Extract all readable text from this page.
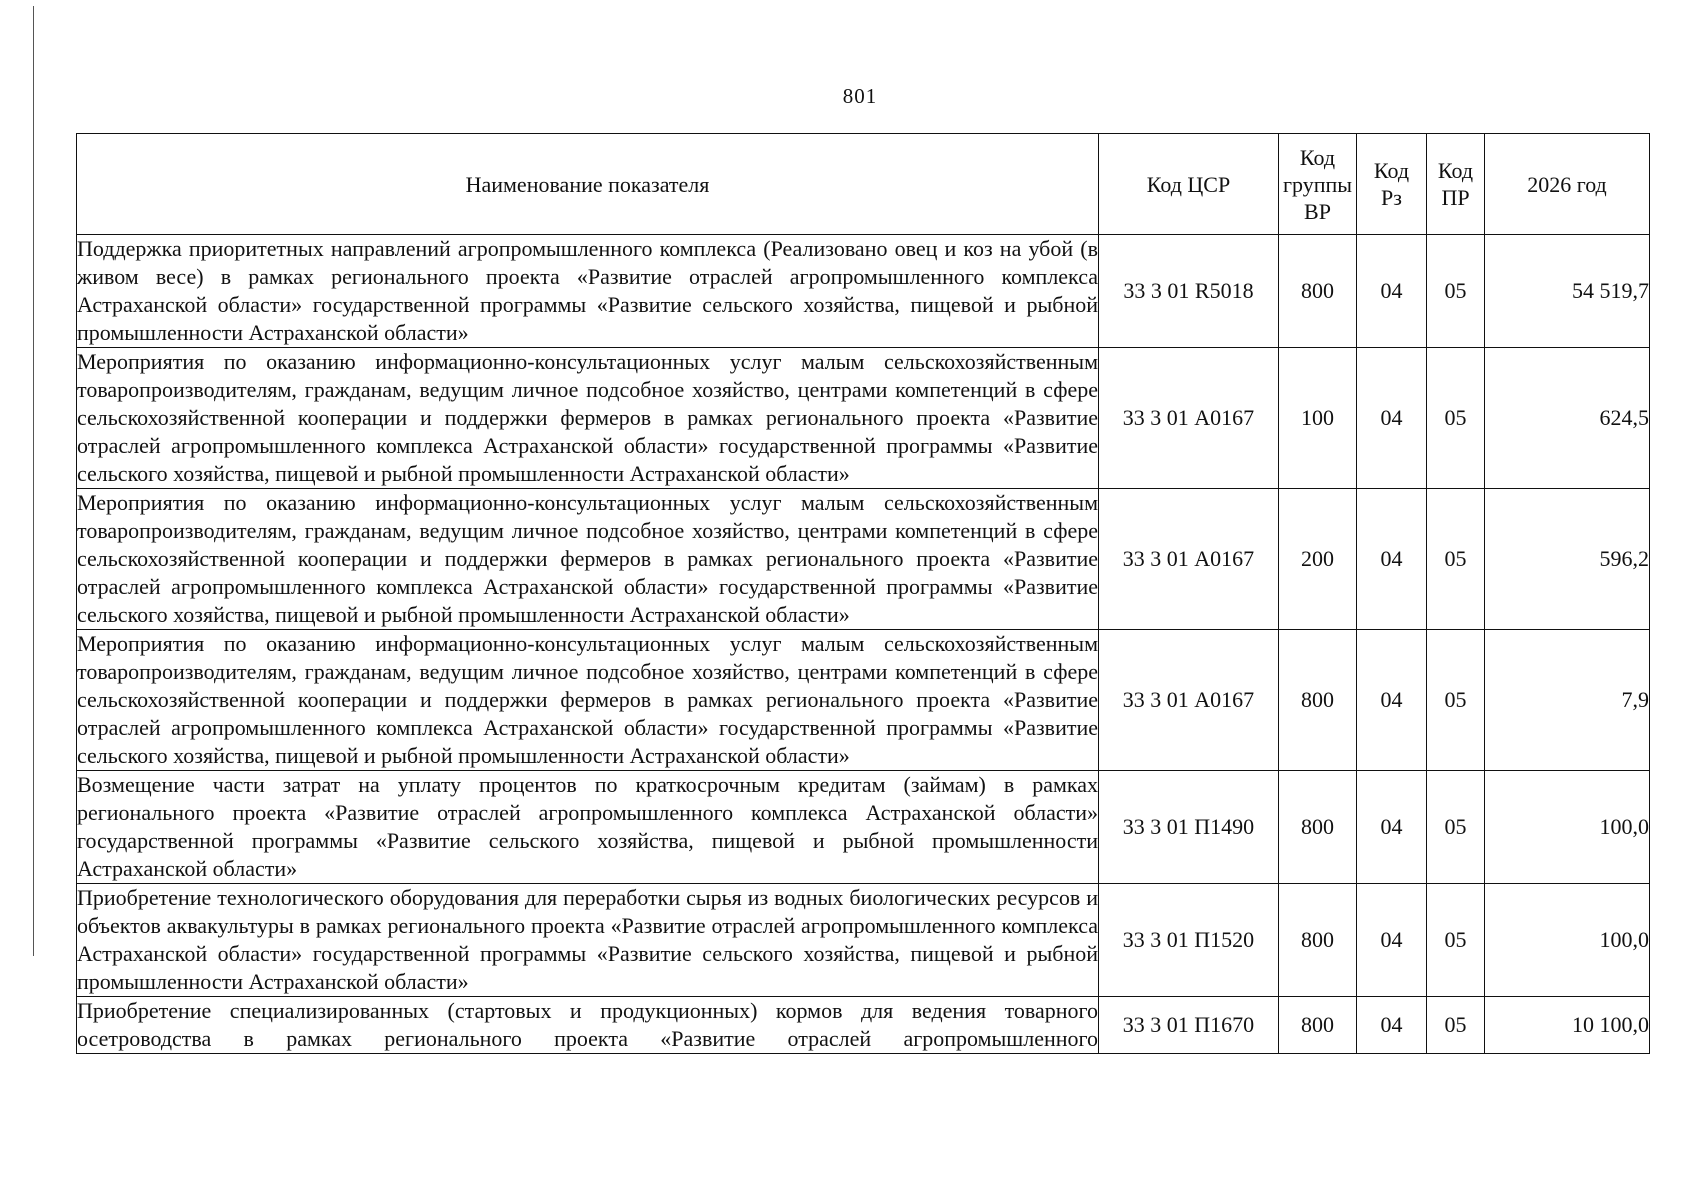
801
Наименование показателя	Код ЦСР	Код группы ВР	Код Рз	Код ПР	2026 год

Поддержка приоритетных направлений агропромышленного комплекса (Реализовано овец и коз на убой (в живом весе) в рамках регионального проекта «Развитие отраслей агропромышленного комплекса Астраханской области» государственной программы «Развитие сельского хозяйства, пищевой и рыбной промышленности Астраханской области»	33 3 01 R5018	800	04	05	54 519,7

Мероприятия по оказанию информационно-консультационных услуг малым сельскохозяйственным товаропроизводителям, гражданам, ведущим личное подсобное хозяйство, центрами компетенций в сфере сельскохозяйственной кооперации и поддержки фермеров в рамках регионального проекта «Развитие отраслей агропромышленного комплекса Астраханской области» государственной программы «Развитие сельского хозяйства, пищевой и рыбной промышленности Астраханской области»	33 3 01 А0167	100	04	05	624,5

Мероприятия по оказанию информационно-консультационных услуг малым сельскохозяйственным товаропроизводителям, гражданам, ведущим личное подсобное хозяйство, центрами компетенций в сфере сельскохозяйственной кооперации и поддержки фермеров в рамках регионального проекта «Развитие отраслей агропромышленного комплекса Астраханской области» государственной программы «Развитие сельского хозяйства, пищевой и рыбной промышленности Астраханской области»	33 3 01 А0167	200	04	05	596,2

Мероприятия по оказанию информационно-консультационных услуг малым сельскохозяйственным товаропроизводителям, гражданам, ведущим личное подсобное хозяйство, центрами компетенций в сфере сельскохозяйственной кооперации и поддержки фермеров в рамках регионального проекта «Развитие отраслей агропромышленного комплекса Астраханской области» государственной программы «Развитие сельского хозяйства, пищевой и рыбной промышленности Астраханской области»	33 3 01 А0167	800	04	05	7,9

Возмещение части затрат на уплату процентов по краткосрочным кредитам (займам) в рамках регионального проекта «Развитие отраслей агропромышленного комплекса Астраханской области» государственной программы «Развитие сельского хозяйства, пищевой и рыбной промышленности Астраханской области»	33 3 01 П1490	800	04	05	100,0

Приобретение технологического оборудования для переработки сырья из водных биологических ресурсов и объектов аквакультуры в рамках регионального проекта «Развитие отраслей агропромышленного комплекса Астраханской области» государственной программы «Развитие сельского хозяйства, пищевой и рыбной промышленности Астраханской области»	33 3 01 П1520	800	04	05	100,0

Приобретение специализированных (стартовых и продукционных) кормов для ведения товарного осетроводства в рамках регионального проекта «Развитие отраслей агропромышленного	33 3 01 П1670	800	04	05	10 100,0
